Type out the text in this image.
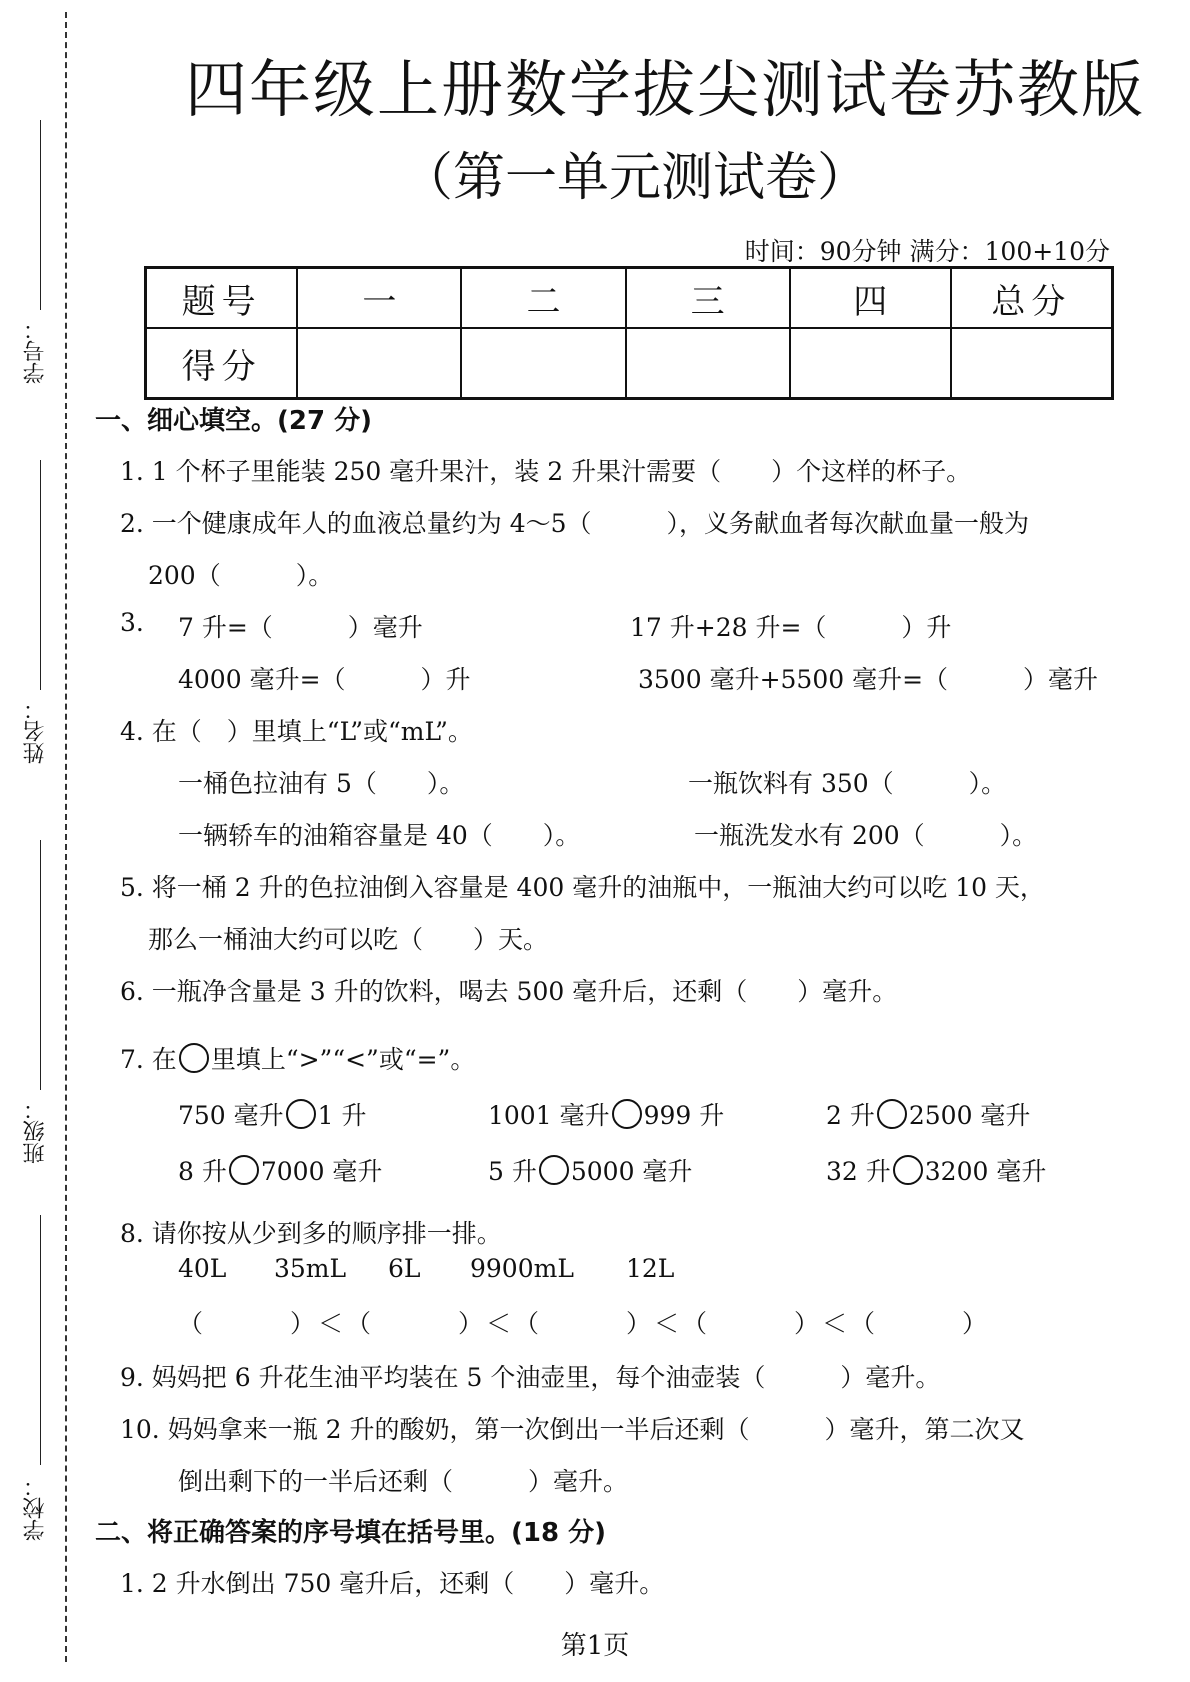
学号：
姓名：
班级：
学校：
四年级上册数学拔尖测试卷苏教版
（第一单元测试卷）
时间：90分钟 满分：100+10分
题号	一	二	三	四	总分
得分					
一、细心填空。(27 分)
1. 1 个杯子里能装 250 毫升果汁，装 2 升果汁需要（　　）个这样的杯子。
2. 一个健康成年人的血液总量约为 4～5（　　　），义务献血者每次献血量一般为
200（　　　）。
3. 7 升=（　　　）毫升	17 升+28 升=（　　　）升
4000 毫升=（　　　）升	3500 毫升+5500 毫升=（　　　）毫升
4. 在（　）里填上“L”或“mL”。
一桶色拉油有 5（　　）。	一瓶饮料有 350（　　　）。
一辆轿车的油箱容量是 40（　　）。	一瓶洗发水有 200（　　　）。
5. 将一桶 2 升的色拉油倒入容量是 400 毫升的油瓶中，一瓶油大约可以吃 10 天，
那么一桶油大约可以吃（　　）天。
6. 一瓶净含量是 3 升的饮料，喝去 500 毫升后，还剩（　　）毫升。
7. 在 里填上“>”“<”或“=”。
750 毫升 1 升	1001 毫升 999 升	2 升 2500 毫升
8 升 7000 毫升	5 升 5000 毫升	32 升 3200 毫升
8. 请你按从少到多的顺序排一排。
40L 35mL 6L 9900mL 12L
（　　　）＜（　　　）＜（　　　）＜（　　　）＜（　　　）
9. 妈妈把 6 升花生油平均装在 5 个油壶里，每个油壶装（　　　）毫升。
10. 妈妈拿来一瓶 2 升的酸奶，第一次倒出一半后还剩（　　　）毫升，第二次又
倒出剩下的一半后还剩（　　　）毫升。
二、将正确答案的序号填在括号里。(18 分)
1. 2 升水倒出 750 毫升后，还剩（　　）毫升。
第1页
